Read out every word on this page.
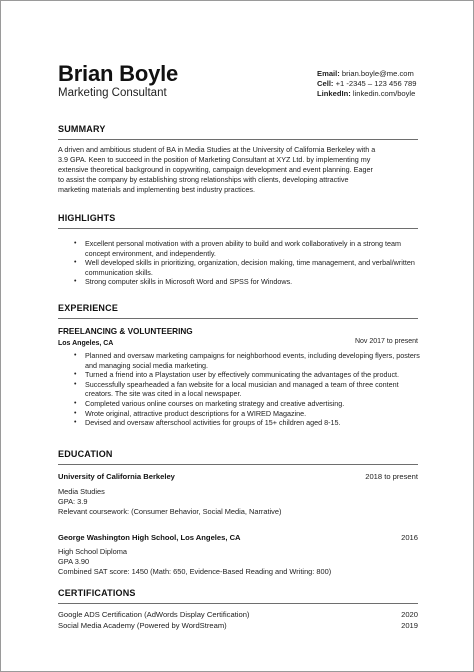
Brian Boyle
Marketing Consultant
Email: brian.boyle@me.com
Cell: +1 -2345 – 123 456 789
LinkedIn: linkedin.com/boyle
SUMMARY
A driven and ambitious student of BA in Media Studies at the University of California Berkeley with a
3.9 GPA. Keen to succeed in the position of Marketing Consultant at XYZ Ltd. by implementing my
extensive theoretical background in copywriting, campaign development and event planning. Eager
to assist the company by establishing strong relationships with clients, developing attractive
marketing materials and implementing best industry practices.
HIGHLIGHTS
• Excellent personal motivation with a proven ability to build and work collaboratively in a strong team concept environment, and independently.
• Well developed skills in prioritizing, organization, decision making, time management, and verbal/written communication skills.
• Strong computer skills in Microsoft Word and SPSS for Windows.
EXPERIENCE
FREELANCING & VOLUNTEERING
Los Angeles, CA	Nov 2017 to present
• Planned and oversaw marketing campaigns for neighborhood events, including developing flyers, posters and managing social media marketing.
• Turned a friend into a Playstation user by effectively communicating the advantages of the product.
• Successfully spearheaded a fan website for a local musician and managed a team of three content creators. The site was cited in a local newspaper.
• Completed various online courses on marketing strategy and creative advertising.
• Wrote original, attractive product descriptions for a WIRED Magazine.
• Devised and oversaw afterschool activities for groups of 15+ children aged 8-15.
EDUCATION
University of California Berkeley	2018 to present
Media Studies
GPA: 3.9
Relevant coursework: (Consumer Behavior, Social Media, Narrative)
George Washington High School, Los Angeles, CA	2016
High School Diploma
GPA 3.90
Combined SAT score: 1450 (Math: 650, Evidence-Based Reading and Writing: 800)
CERTIFICATIONS
Google ADS Certification (AdWords Display Certification)	2020
Social Media Academy (Powered by WordStream)	2019
